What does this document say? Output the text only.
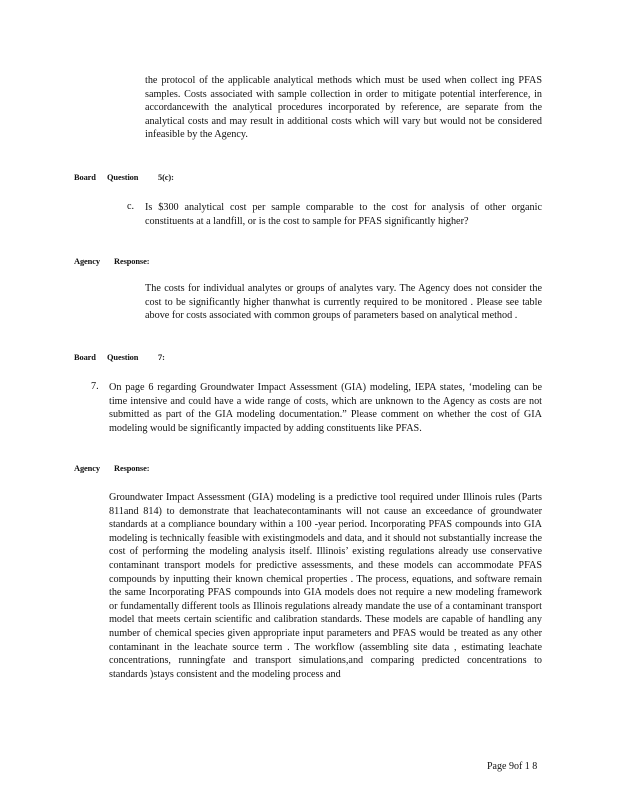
the protocol of the applicable analytical methods which must be used when collect ing PFAS samples. Costs associated with sample collection in order to mitigate potential interference, in accordancewith the analytical procedures incorporated by reference, are separate from the analytical costs and may result in additional costs which will vary but would not be considered infeasible by the Agency.
Board Question 5(c):
c. Is $300 analytical cost per sample comparable to the cost for analysis of other organic constituents at a landfill, or is the cost to sample for PFAS significantly higher?
Agency Response:
The costs for individual analytes or groups of analytes vary. The Agency does not consider the cost to be significantly higher thanwhat is currently required to be monitored . Please see table above for costs associated with common groups of parameters based on analytical method .
Board Question 7:
7. On page 6 regarding Groundwater Impact Assessment (GIA) modeling, IEPA states, ‘modeling can be time intensive and could have a wide range of costs, which are unknown to the Agency as costs are not submitted as part of the GIA modeling documentation.” Please comment on whether the cost of GIA modeling would be significantly impacted by adding constituents like PFAS.
Agency Response:
Groundwater Impact Assessment (GIA) modeling is a predictive tool required under Illinois rules (Parts 811and 814) to demonstrate that leachatecontaminants will not cause an exceedance of groundwater standards at a compliance boundary within a 100 -year period. Incorporating PFAS compounds into GIA modeling is technically feasible with existingmodels and data, and it should not substantially increase the cost of performing the modeling analysis itself. Illinois’ existing regulations already use conservative contaminant transport models for predictive assessments, and these models can accommodate PFAS compounds by inputting their known chemical properties . The process, equations, and software remain the same Incorporating PFAS compounds into GIA models does not require a new modeling framework or fundamentally different tools as Illinois regulations already mandate the use of a contaminant transport model that meets certain scientific and calibration standards. These models are capable of handling any number of chemical species given appropriate input parameters and PFAS would be treated as any other contaminant in the leachate source term . The workflow (assembling site data , estimating leachate concentrations, runningfate and transport simulations,and comparing predicted concentrations to standards )stays consistent and the modeling process and
Page 9of 1 8
